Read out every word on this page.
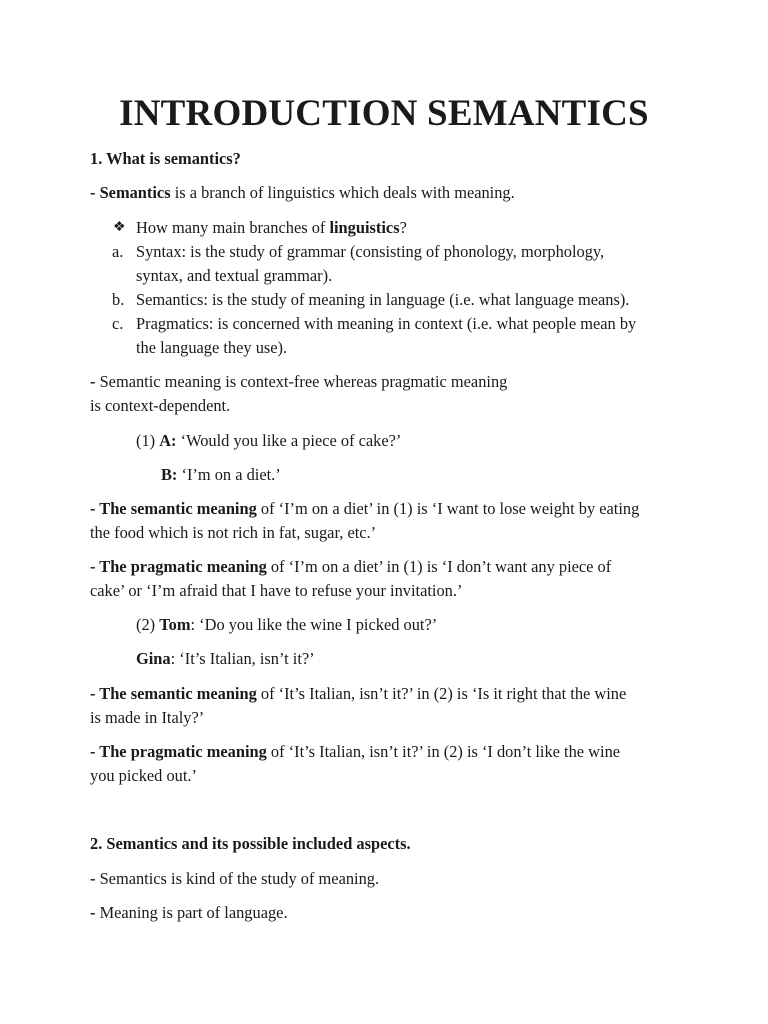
INTRODUCTION SEMANTICS

1. What is semantics?

- Semantics is a branch of linguistics which deals with meaning.

❖ How many main branches of linguistics?

a. Syntax: is the study of grammar (consisting of phonology, morphology,

syntax, and textual grammar).

b. Semantics: is the study of meaning in language (i.e. what language means).

c. Pragmatics: is concerned with meaning in context (i.e. what people mean by

the language they use).

- Semantic meaning is context-free whereas pragmatic meaning

is context-dependent.

(1) A: ‘Would you like a piece of cake?’

B: ‘I’m on a diet.’

- The semantic meaning of ‘I’m on a diet’ in (1) is ‘I want to lose weight by eating

the food which is not rich in fat, sugar, etc.’

- The pragmatic meaning of ‘I’m on a diet’ in (1) is ‘I don’t want any piece of

cake’ or ‘I’m afraid that I have to refuse your invitation.’

(2) Tom: ‘Do you like the wine I picked out?’

Gina: ‘It’s Italian, isn’t it?’

- The semantic meaning of ‘It’s Italian, isn’t it?’ in (2) is ‘Is it right that the wine

is made in Italy?’

- The pragmatic meaning of ‘It’s Italian, isn’t it?’ in (2) is ‘I don’t like the wine

you picked out.’

2. Semantics and its possible included aspects.

- Semantics is kind of the study of meaning.

- Meaning is part of language.
